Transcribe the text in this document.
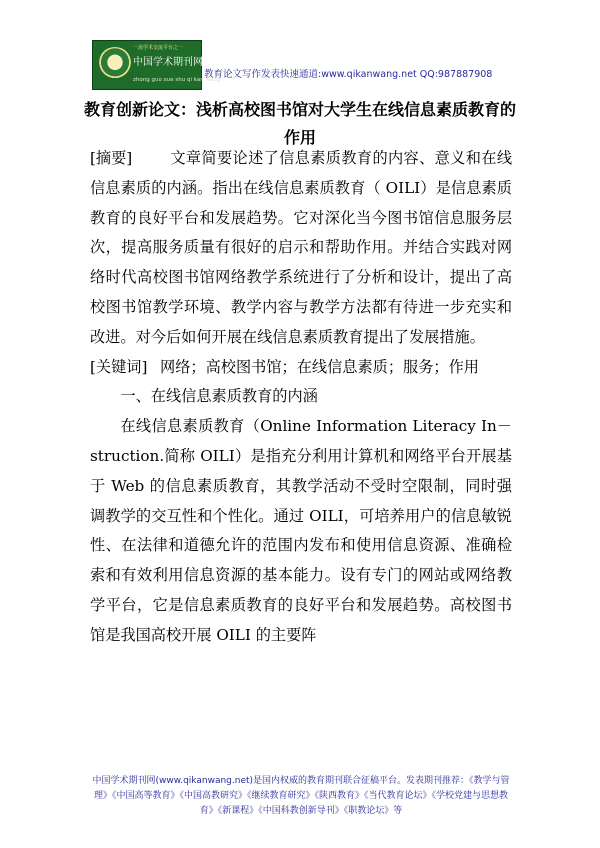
一流学术交流平台之一
中国学术期刊网
zhong guo xue shu qi kan wang
教育论文写作发表快速通道:www.qikanwang.net QQ:987887908
教育创新论文：浅析高校图书馆对大学生在线信息素质教育的作用

[摘要] 文章简要论述了信息素质教育的内容、意义和在线信息素质的内涵。指出在线信息素质教育（ OILI）是信息素质教育的良好平台和发展趋势。它对深化当今图书馆信息服务层次，提高服务质量有很好的启示和帮助作用。并结合实践对网络时代高校图书馆网络教学系统进行了分析和设计，提出了高校图书馆教学环境、教学内容与教学方法都有待进一步充实和改进。对今后如何开展在线信息素质教育提出了发展措施。

[关键词] 网络；高校图书馆；在线信息素质；服务；作用

一、在线信息素质教育的内涵

在线信息素质教育（Online Information Literacy In－struction.简称 OILI）是指充分利用计算机和网络平台开展基于 Web 的信息素质教育，其教学活动不受时空限制，同时强调教学的交互性和个性化。通过 OILI，可培养用户的信息敏锐性、在法律和道德允许的范围内发布和使用信息资源、准确检索和有效利用信息资源的基本能力。设有专门的网站或网络教学平台，它是信息素质教育的良好平台和发展趋势。高校图书馆是我国高校开展 OILI 的主要阵

中国学术期刊网(www.qikanwang.net)是国内权威的教育期刊联合征稿平台。发表期刊推荐：《教学与管理》《中国高等教育》《中国高教研究》《继续教育研究》《陕西教育》《当代教育论坛》《学校党建与思想教育》《新课程》《中国科教创新导刊》《职教论坛》等
